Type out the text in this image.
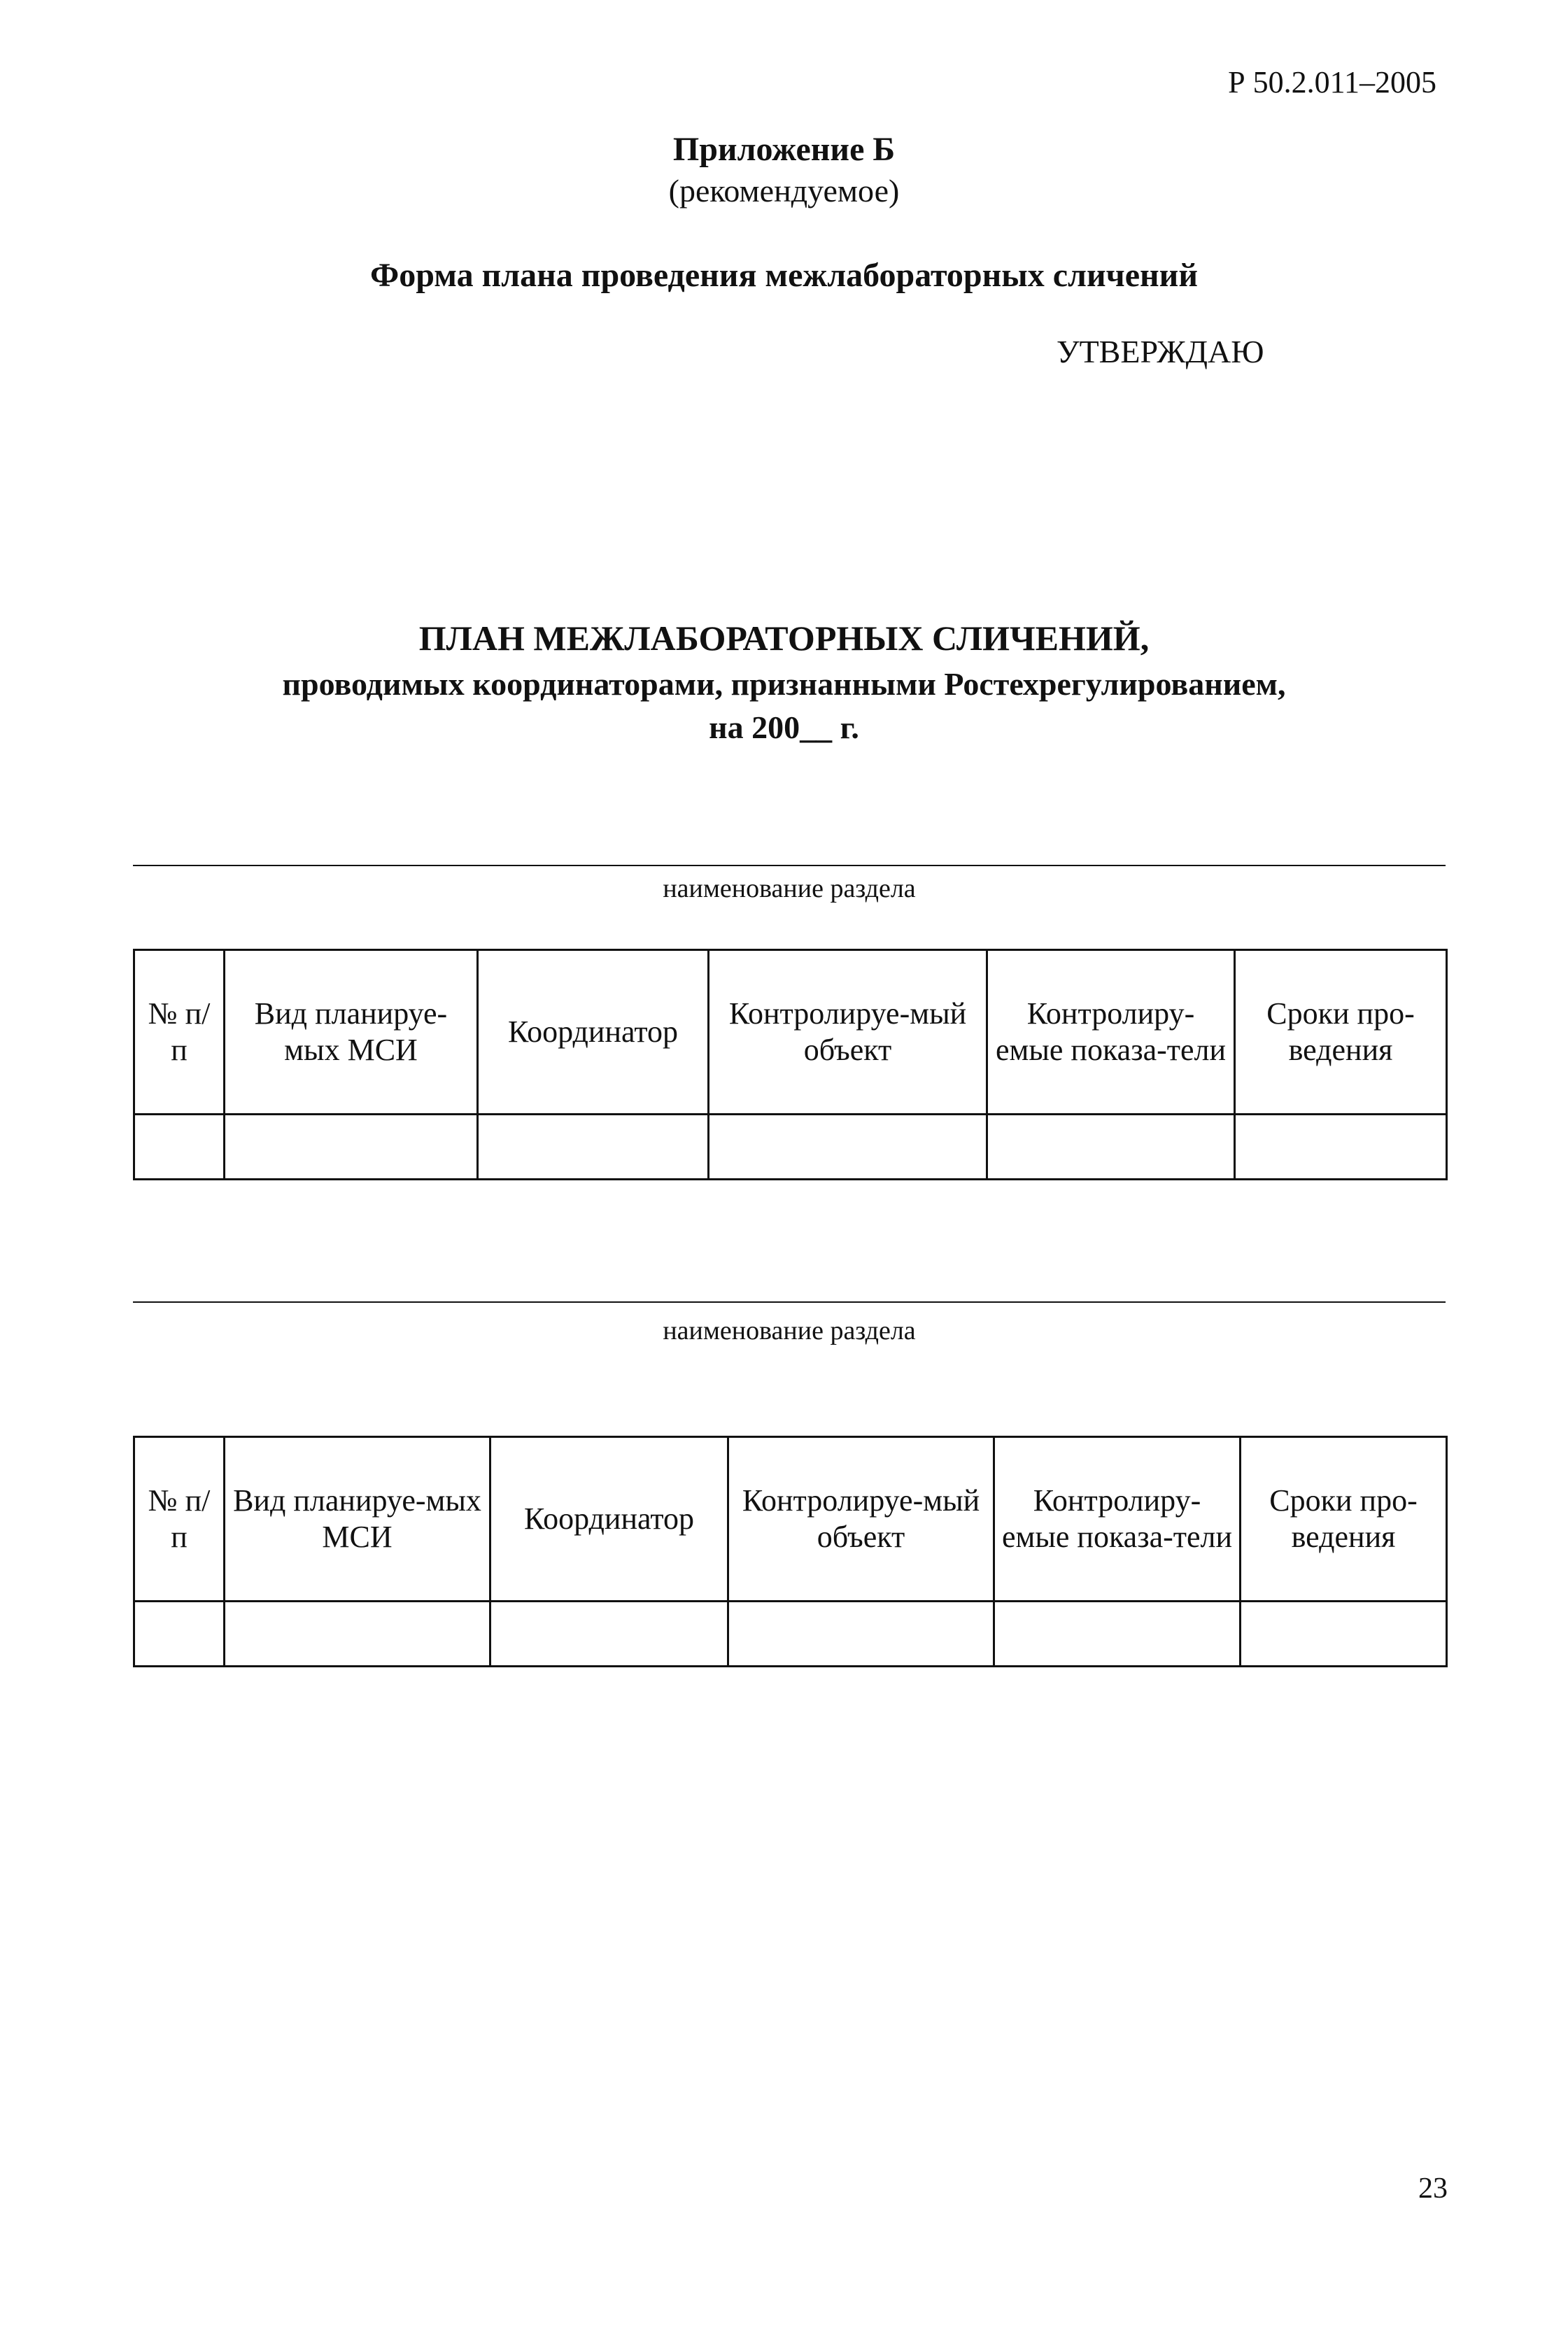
Р 50.2.011–2005
Приложение Б
(рекомендуемое)
Форма плана проведения межлабораторных сличений
УТВЕРЖДАЮ
ПЛАН МЕЖЛАБОРАТОРНЫХ СЛИЧЕНИЙ,
проводимых координаторами, признанными Ростехрегулированием,
на 200__ г.
наименование раздела
№ п/п	Вид планируе-мых МСИ	Координатор	Контролируе-мый объект	Контролиру-емые показа-тели	Сроки про-ведения

наименование раздела
№ п/п	Вид планируе-мых МСИ	Координатор	Контролируе-мый объект	Контролиру-емые показа-тели	Сроки про-ведения

23
